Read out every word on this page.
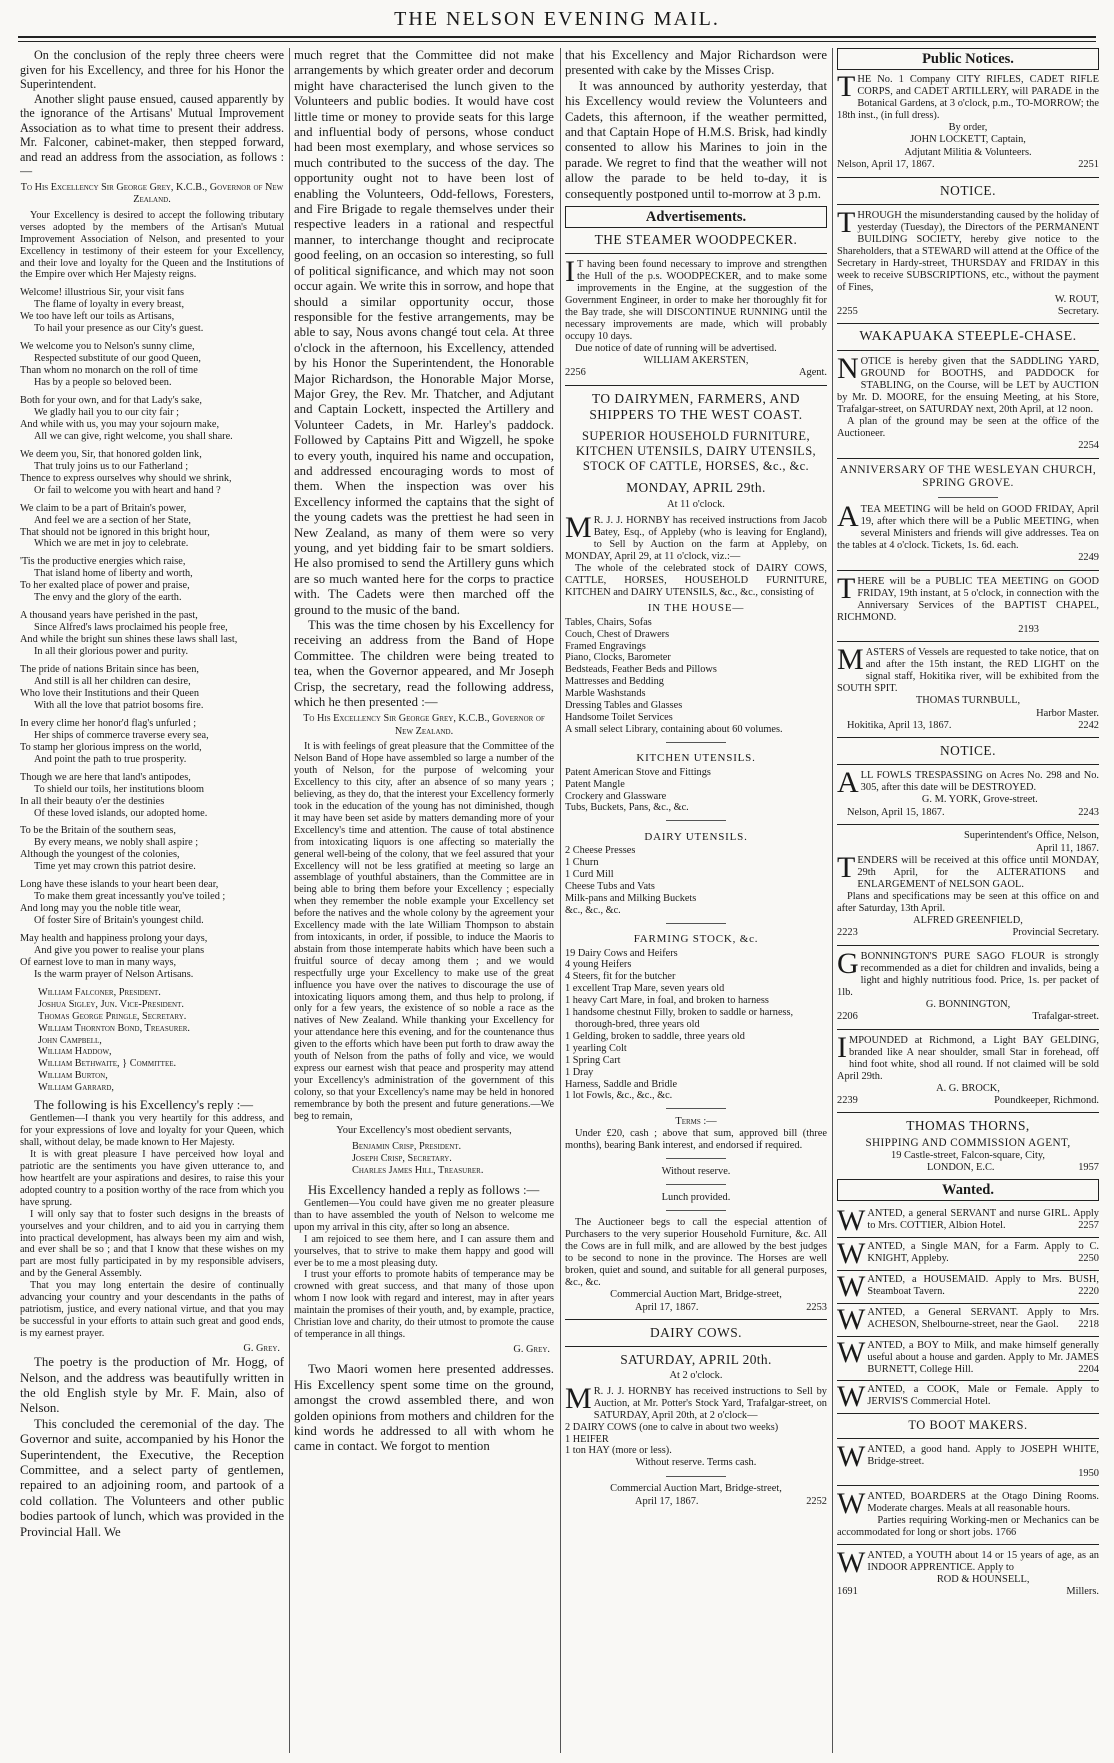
THE NELSON EVENING MAIL.

On the conclusion of the reply three cheers were given for his Excellency, and three for his Honor the Superintendent.

Another slight pause ensued, caused apparently by the ignorance of the Artisans' Mutual Improvement Association as to what time to present their address. Mr. Falconer, cabinet-maker, then stepped forward, and read an address from the association, as follows :—

To His Excellency Sir George Grey, K.C.B., Governor of New Zealand.

Your Excellency is desired to accept the following tributary verses adopted by the members of the Artisan's Mutual Improvement Association of Nelson, and presented to your Excellency in testimony of their esteem for your Excellency, and their love and loyalty for the Queen and the Institutions of the Empire over which Her Majesty reigns.

Welcome! illustrious Sir, your visit fans
The flame of loyalty in every breast,
We too have left our toils as Artisans,
To hail your presence as our City's guest.
We welcome you to Nelson's sunny clime,
Respected substitute of our good Queen,
Than whom no monarch on the roll of time
Has by a people so beloved been.
Both for your own, and for that Lady's sake,
We gladly hail you to our city fair ;
And while with us, you may your sojourn make,
All we can give, right welcome, you shall share.
We deem you, Sir, that honored golden link,
That truly joins us to our Fatherland ;
Thence to express ourselves why should we shrink,
Or fail to welcome you with heart and hand ?
We claim to be a part of Britain's power,
And feel we are a section of her State,
That should not be ignored in this bright hour,
Which we are met in joy to celebrate.
'Tis the productive energies which raise,
That island home of liberty and worth,
To her exalted place of power and praise,
The envy and the glory of the earth.
A thousand years have perished in the past,
Since Alfred's laws proclaimed his people free,
And while the bright sun shines these laws shall last,
In all their glorious power and purity.
The pride of nations Britain since has been,
And still is all her children can desire,
Who love their Institutions and their Queen
With all the love that patriot bosoms fire.
In every clime her honor'd flag's unfurled ;
Her ships of commerce traverse every sea,
To stamp her glorious impress on the world,
And point the path to true prosperity.
Though we are here that land's antipodes,
To shield our toils, her institutions bloom
In all their beauty o'er the destinies
Of these loved islands, our adopted home.
To be the Britain of the southern seas,
By every means, we nobly shall aspire ;
Although the youngest of the colonies,
Time yet may crown this patriot desire.
Long have these islands to your heart been dear,
To make them great incessantly you've toiled ;
And long may you the noble title wear,
Of foster Sire of Britain's youngest child.
May health and happiness prolong your days,
And give you power to realise your plans
Of earnest love to man in many ways,
Is the warm prayer of Nelson Artisans.
William Falconer, President.
Joshua Sigley, Jun. Vice-President.
Thomas George Pringle, Secretary.
William Thornton Bond, Treasurer.
John Campbell,
William Haddow,
William Bethwaite, } Committee.
William Burton,
William Garrard,

The following is his Excellency's reply :—

Gentlemen—I thank you very heartily for this address, and for your expressions of love and loyalty for your Queen, which shall, without delay, be made known to Her Majesty.

It is with great pleasure I have perceived how loyal and patriotic are the sentiments you have given utterance to, and how heartfelt are your aspirations and desires, to raise this your adopted country to a position worthy of the race from which you have sprung.

I will only say that to foster such designs in the breasts of yourselves and your children, and to aid you in carrying them into practical development, has always been my aim and wish, and ever shall be so ; and that I know that these wishes on my part are most fully participated in by my responsible advisers, and by the General Assembly.

That you may long entertain the desire of continually advancing your country and your descendants in the paths of patriotism, justice, and every national virtue, and that you may be successful in your efforts to attain such great and good ends, is my earnest prayer.

G. Grey.

The poetry is the production of Mr. Hogg, of Nelson, and the address was beautifully written in the old English style by Mr. F. Main, also of Nelson.

This concluded the ceremonial of the day. The Governor and suite, accompanied by his Honor the Superintendent, the Executive, the Reception Committee, and a select party of gentlemen, repaired to an adjoining room, and partook of a cold collation. The Volunteers and other public bodies partook of lunch, which was provided in the Provincial Hall. We

much regret that the Committee did not make arrangements by which greater order and decorum might have characterised the lunch given to the Volunteers and public bodies. It would have cost little time or money to provide seats for this large and influential body of persons, whose conduct had been most exemplary, and whose services so much contributed to the success of the day. The opportunity ought not to have been lost of enabling the Volunteers, Odd-fellows, Foresters, and Fire Brigade to regale themselves under their respective leaders in a rational and respectful manner, to interchange thought and reciprocate good feeling, on an occasion so interesting, so full of political significance, and which may not soon occur again. We write this in sorrow, and hope that should a similar opportunity occur, those responsible for the festive arrangements, may be able to say, Nous avons changé tout cela. At three o'clock in the afternoon, his Excellency, attended by his Honor the Superintendent, the Honorable Major Richardson, the Honorable Major Morse, Major Grey, the Rev. Mr. Thatcher, and Adjutant and Captain Lockett, inspected the Artillery and Volunteer Cadets, in Mr. Harley's paddock. Followed by Captains Pitt and Wigzell, he spoke to every youth, inquired his name and occupation, and addressed encouraging words to most of them. When the inspection was over his Excellency informed the captains that the sight of the young cadets was the prettiest he had seen in New Zealand, as many of them were so very young, and yet bidding fair to be smart soldiers. He also promised to send the Artillery guns which are so much wanted here for the corps to practice with. The Cadets were then marched off the ground to the music of the band.

This was the time chosen by his Excellency for receiving an address from the Band of Hope Committee. The children were being treated to tea, when the Governor appeared, and Mr Joseph Crisp, the secretary, read the following address, which he then presented :—

To His Excellency Sir George Grey, K.C.B., Governor of New Zealand.

It is with feelings of great pleasure that the Committee of the Nelson Band of Hope have assembled so large a number of the youth of Nelson, for the purpose of welcoming your Excellency to this city, after an absence of so many years ; believing, as they do, that the interest your Excellency formerly took in the education of the young has not diminished, though it may have been set aside by matters demanding more of your Excellency's time and attention. The cause of total abstinence from intoxicating liquors is one affecting so materially the general well-being of the colony, that we feel assured that your Excellency will not be less gratified at meeting so large an assemblage of youthful abstainers, than the Committee are in being able to bring them before your Excellency ; especially when they remember the noble example your Excellency set before the natives and the whole colony by the agreement your Excellency made with the late William Thompson to abstain from intoxicants, in order, if possible, to induce the Maoris to abstain from those intemperate habits which have been such a fruitful source of decay among them ; and we would respectfully urge your Excellency to make use of the great influence you have over the natives to discourage the use of intoxicating liquors among them, and thus help to prolong, if only for a few years, the existence of so noble a race as the natives of New Zealand. While thanking your Excellency for your attendance here this evening, and for the countenance thus given to the efforts which have been put forth to draw away the youth of Nelson from the paths of folly and vice, we would express our earnest wish that peace and prosperity may attend your Excellency's administration of the government of this colony, so that your Excellency's name may be held in honored remembrance by both the present and future generations.—We beg to remain,

Your Excellency's most obedient servants,

Benjamin Crisp, President.
Joseph Crisp, Secretary.
Charles James Hill, Treasurer.

His Excellency handed a reply as follows :—

Gentlemen—You could have given me no greater pleasure than to have assembled the youth of Nelson to welcome me upon my arrival in this city, after so long an absence.

I am rejoiced to see them here, and I can assure them and yourselves, that to strive to make them happy and good will ever be to me a most pleasing duty.

I trust your efforts to promote habits of temperance may be crowned with great success, and that many of those upon whom I now look with regard and interest, may in after years maintain the promises of their youth, and, by example, practice, Christian love and charity, do their utmost to promote the cause of temperance in all things.

G. Grey.

Two Maori women here presented addresses. His Excellency spent some time on the ground, amongst the crowd assembled there, and won golden opinions from mothers and children for the kind words he addressed to all with whom he came in contact. We forgot to mention

that his Excellency and Major Richardson were presented with cake by the Misses Crisp.

It was announced by authority yesterday, that his Excellency would review the Volunteers and Cadets, this afternoon, if the weather permitted, and that Captain Hope of H.M.S. Brisk, had kindly consented to allow his Marines to join in the parade. We regret to find that the weather will not allow the parade to be held to-day, it is consequently postponed until to-morrow at 3 p.m.

Advertisements.
THE STEAMER WOODPECKER.

I T having been found necessary to improve and strengthen the Hull of the p.s. WOODPECKER, and to make some improvements in the Engine, at the suggestion of the Government Engineer, in order to make her thoroughly fit for the Bay trade, she will DISCONTINUE RUNNING until the necessary improvements are made, which will probably occupy 10 days.

Due notice of date of running will be advertised.

WILLIAM AKERSTEN,
2256	Agent.
TO DAIRYMEN, FARMERS, AND SHIPPERS TO THE WEST COAST.
SUPERIOR HOUSEHOLD FURNITURE, KITCHEN UTENSILS, DAIRY UTENSILS, STOCK OF CATTLE, HORSES, &c., &c.
MONDAY, APRIL 29th.
At 11 o'clock.

M R. J. J. HORNBY has received instructions from Jacob Batey, Esq., of Appleby (who is leaving for England), to Sell by Auction on the farm at Appleby, on MONDAY, April 29, at 11 o'clock, viz.:—

The whole of the celebrated stock of DAIRY COWS, CATTLE, HORSES, HOUSEHOLD FURNITURE, KITCHEN and DAIRY UTENSILS, &c., &c., consisting of

IN THE HOUSE—
Tables, Chairs, Sofas
Couch, Chest of Drawers
Framed Engravings
Piano, Clocks, Barometer
Bedsteads, Feather Beds and Pillows
Mattresses and Bedding
Marble Washstands
Dressing Tables and Glasses
Handsome Toilet Services
A small select Library, containing about 60 volumes.
KITCHEN UTENSILS.
Patent American Stove and Fittings
Patent Mangle
Crockery and Glassware
Tubs, Buckets, Pans, &c., &c.
DAIRY UTENSILS.
2 Cheese Presses
1 Churn
1 Curd Mill
Cheese Tubs and Vats
Milk-pans and Milking Buckets
&c., &c., &c.
FARMING STOCK, &c.
19 Dairy Cows and Heifers
4 young Heifers
4 Steers, fit for the butcher
1 excellent Trap Mare, seven years old
1 heavy Cart Mare, in foal, and broken to harness
1 handsome chestnut Filly, broken to saddle or harness, thorough-bred, three years old
1 Gelding, broken to saddle, three years old
1 yearling Colt
1 Spring Cart
1 Dray
Harness, Saddle and Bridle
1 lot Fowls, &c., &c., &c.
Terms :—

Under £20, cash ; above that sum, approved bill (three months), bearing Bank interest, and endorsed if required.

Without reserve.
Lunch provided.

The Auctioneer begs to call the especial attention of Purchasers to the very superior Household Furniture, &c. All the Cows are in full milk, and are allowed by the best judges to be second to none in the province. The Horses are well broken, quiet and sound, and suitable for all general purposes, &c., &c.

Commercial Auction Mart, Bridge-street,
April 17, 1867.	2253
DAIRY COWS.
SATURDAY, APRIL 20th.
At 2 o'clock.

M R. J. J. HORNBY has received instructions to Sell by Auction, at Mr. Potter's Stock Yard, Trafalgar-street, on SATURDAY, April 20th, at 2 o'clock—

2 DAIRY COWS (one to calve in about two weeks)
1 HEIFER
1 ton HAY (more or less).
Without reserve. Terms cash.
Commercial Auction Mart, Bridge-street,
April 17, 1867.	2252
Public Notices.

THE No. 1 Company CITY RIFLES, CADET RIFLE CORPS, and CADET ARTILLERY, will PARADE in the Botanical Gardens, at 3 o'clock, p.m., TO-MORROW; the 18th inst., (in full dress).

By order,
JOHN LOCKETT, Captain,
Adjutant Militia & Volunteers.
Nelson, April 17, 1867.	2251
NOTICE.

THROUGH the misunderstanding caused by the holiday of yesterday (Tuesday), the Directors of the PERMANENT BUILDING SOCIETY, hereby give notice to the Shareholders, that a STEWARD will attend at the Office of the Secretary in Hardy-street, THURSDAY and FRIDAY in this week to receive SUBSCRIPTIONS, etc., without the payment of Fines,

W. ROUT,
2255	Secretary.
WAKAPUAKA STEEPLE-CHASE.

NOTICE is hereby given that the SADDLING YARD, GROUND for BOOTHS, and PADDOCK for STABLING, on the Course, will be LET by AUCTION by Mr. D. MOORE, for the ensuing Meeting, at his Store, Trafalgar-street, on SATURDAY next, 20th April, at 12 noon.

A plan of the ground may be seen at the office of the Auctioneer.

2254
ANNIVERSARY OF THE WESLEYAN CHURCH, SPRING GROVE.

ATEA MEETING will be held on GOOD FRIDAY, April 19, after which there will be a Public MEETING, when several Ministers and friends will give addresses. Tea on the tables at 4 o'clock. Tickets, 1s. 6d. each.

2249

THERE will be a PUBLIC TEA MEETING on GOOD FRIDAY, 19th instant, at 5 o'clock, in connection with the Anniversary Services of the BAPTIST CHAPEL, RICHMOND.

2193

MASTERS of Vessels are requested to take notice, that on and after the 15th instant, the RED LIGHT on the signal staff, Hokitika river, will be exhibited from the SOUTH SPIT.

THOMAS TURNBULL,
Harbor Master.
Hokitika, April 13, 1867.	2242
NOTICE.

ALL FOWLS TRESPASSING on Acres No. 298 and No. 305, after this date will be DESTROYED.

G. M. YORK, Grove-street.
Nelson, April 15, 1867.	2243
Superintendent's Office, Nelson,
April 11, 1867.

TENDERS will be received at this office until MONDAY, 29th April, for the ALTERATIONS and ENLARGEMENT of NELSON GAOL.

Plans and specifications may be seen at this office on and after Saturday, 13th April.

ALFRED GREENFIELD,
2223	Provincial Secretary.

GBONNINGTON'S PURE SAGO FLOUR is strongly recommended as a diet for children and invalids, being a light and highly nutritious food. Price, 1s. per packet of 1lb.

G. BONNINGTON,
2206	Trafalgar-street.

IMPOUNDED at Richmond, a Light BAY GELDING, branded like A near shoulder, small Star in forehead, off hind foot white, shod all round. If not claimed will be sold April 29th.

A. G. BROCK,
2239	Poundkeeper, Richmond.
THOMAS THORNS,
SHIPPING AND COMMISSION AGENT,
19 Castle-street, Falcon-square, City,
LONDON, E.C.	1957
Wanted.

WANTED, a general SERVANT and nurse GIRL. Apply to Mrs. COTTIER, Albion Hotel.	2257

WANTED, a Single MAN, for a Farm. Apply to C. KNIGHT, Appleby.	2250

WANTED, a HOUSEMAID. Apply to Mrs. BUSH, Steamboat Tavern.	2220

WANTED, a General SERVANT. Apply to Mrs. ACHESON, Shelbourne-street, near the Gaol. 2218

WANTED, a BOY to Milk, and make himself generally useful about a house and garden. Apply to Mr. JAMES BURNETT, College Hill.	2204

WANTED, a COOK, Male or Female. Apply to JERVIS'S Commercial Hotel.

TO BOOT MAKERS.

WANTED, a good hand. Apply to JOSEPH WHITE, Bridge-street.

1950

WANTED, BOARDERS at the Otago Dining Rooms. Moderate charges. Meals at all reasonable hours.

Parties requiring Working-men or Mechanics can be accommodated for long or short jobs. 1766

WANTED, a YOUTH about 14 or 15 years of age, as an INDOOR APPRENTICE. Apply to

ROD & HOUNSELL,
1691	Millers.
